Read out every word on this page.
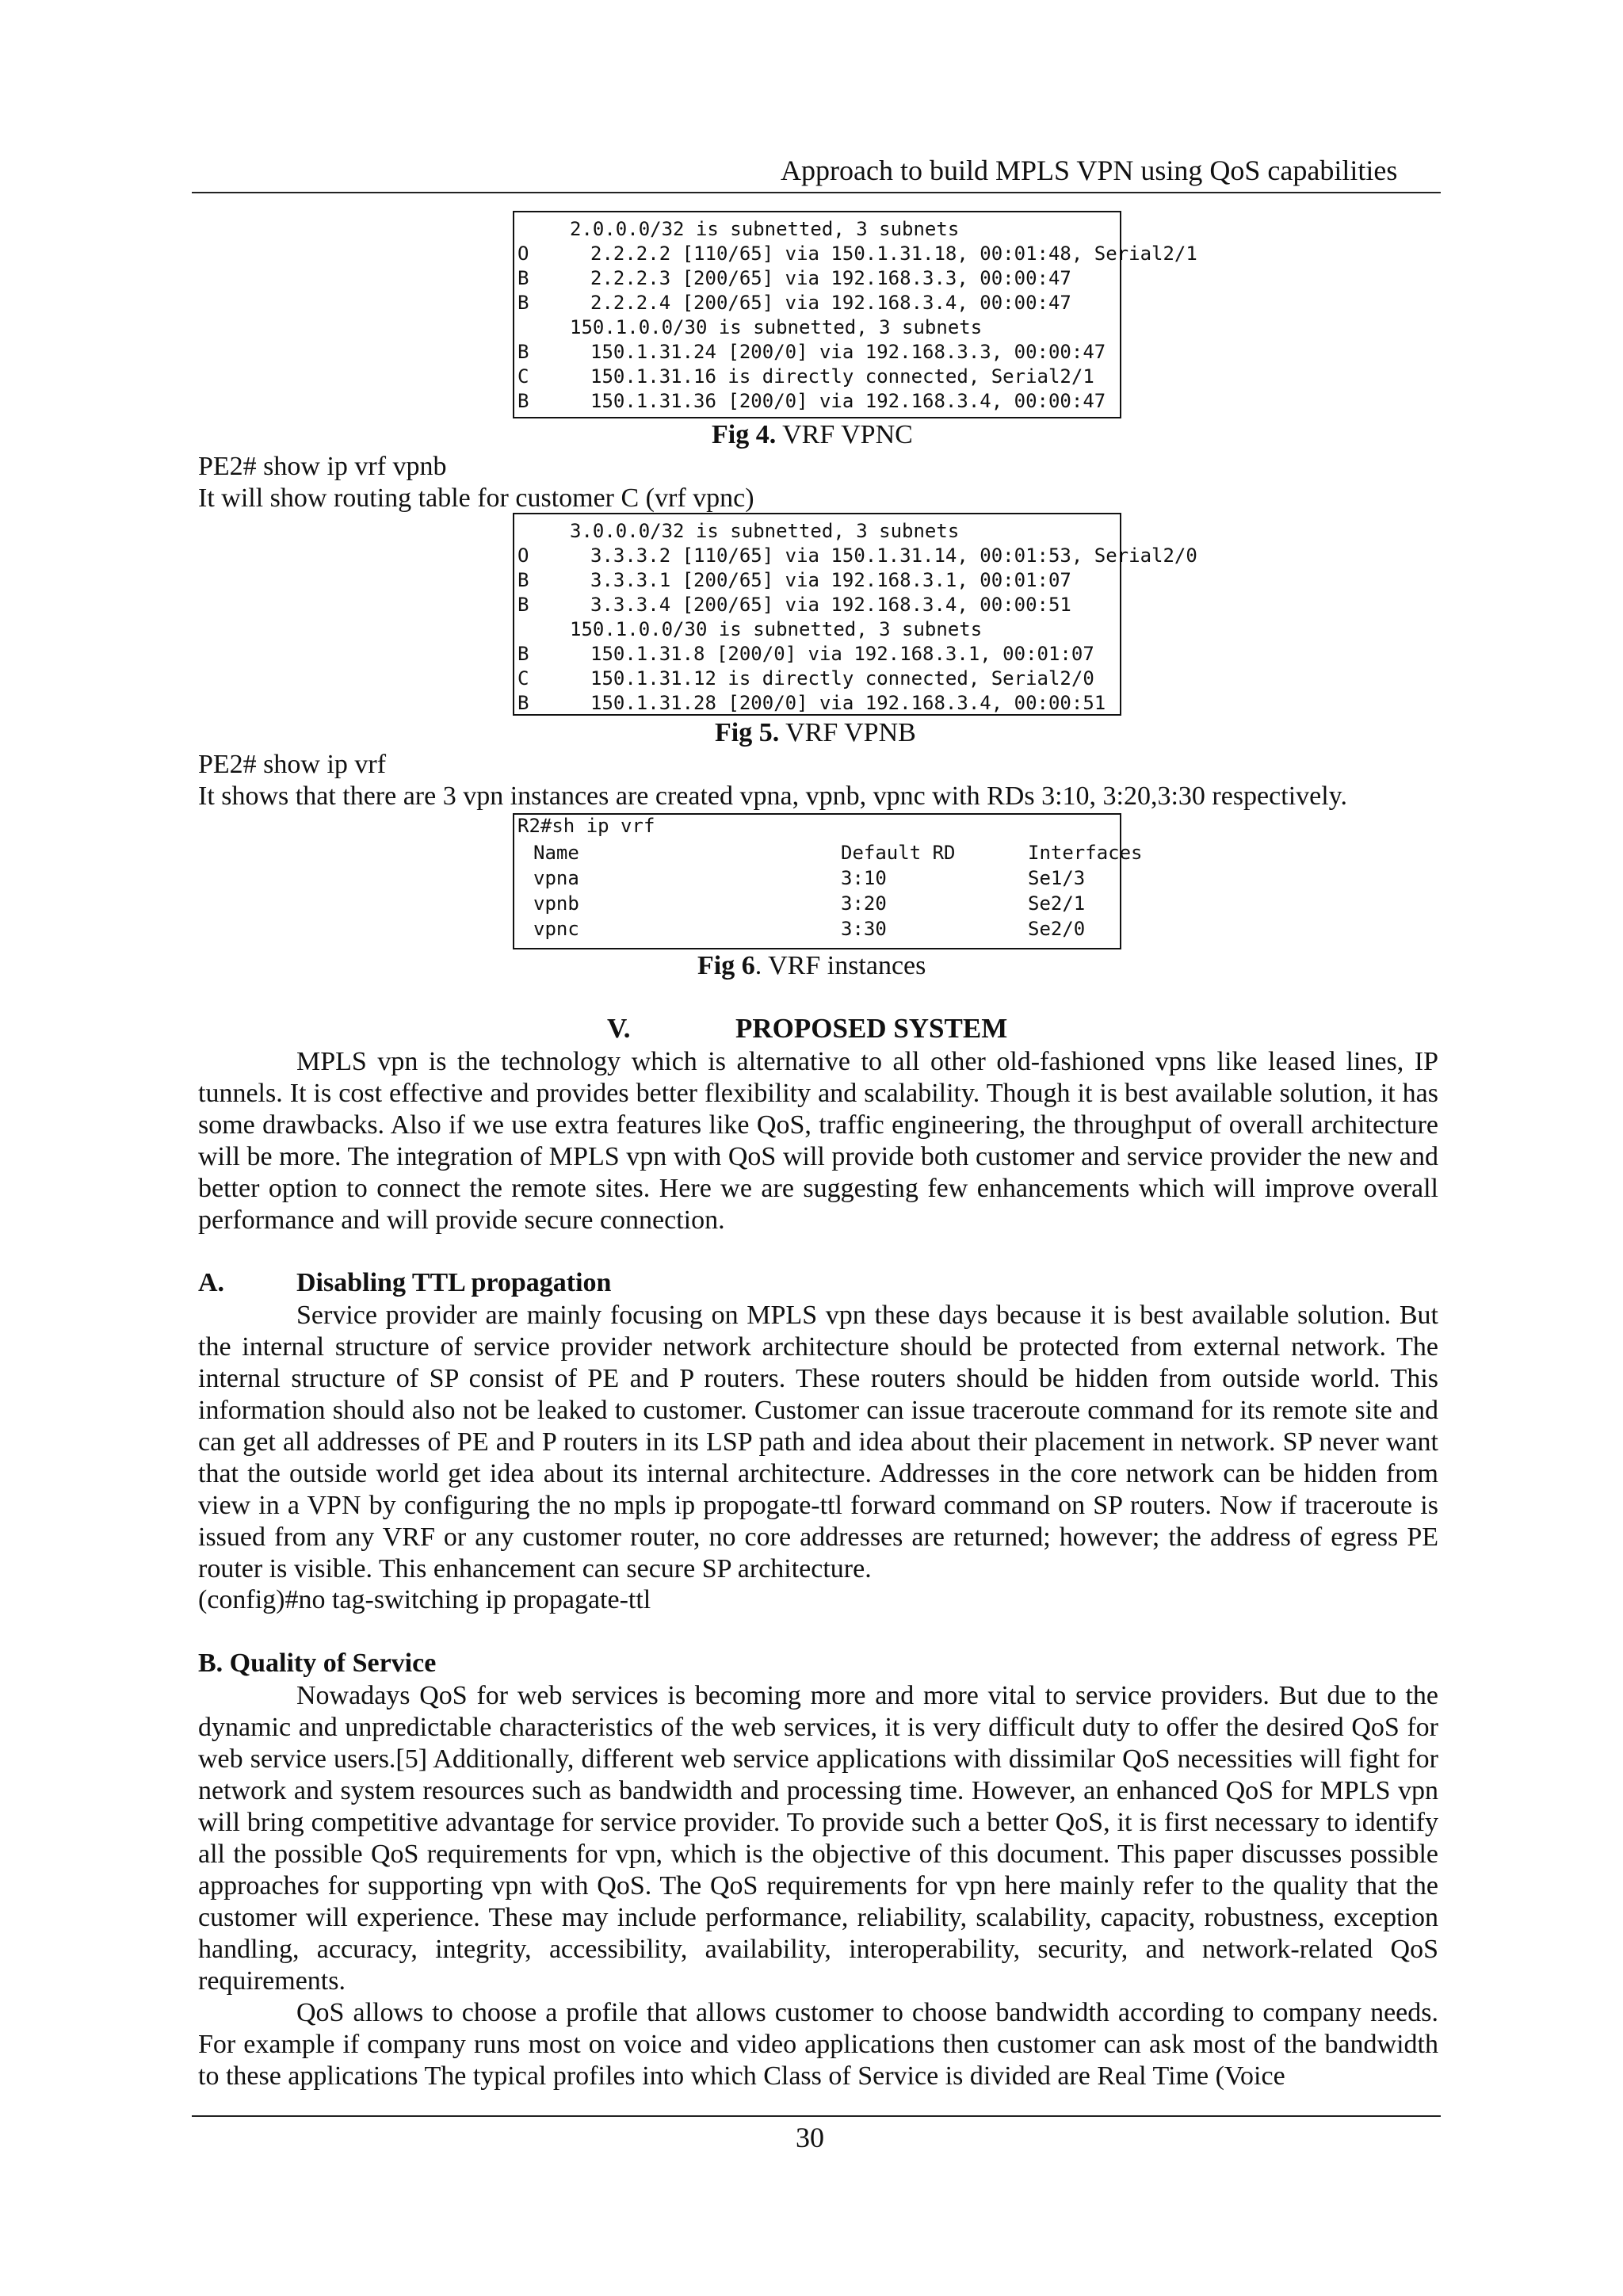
Approach to build MPLS VPN using QoS capabilities
2.0.0.0/32 is subnetted, 3 subnets
O	2.2.2.2 [110/65] via 150.1.31.18, 00:01:48, Serial2/1
B	2.2.2.3 [200/65] via 192.168.3.3, 00:00:47
B	2.2.2.4 [200/65] via 192.168.3.4, 00:00:47
150.1.0.0/30 is subnetted, 3 subnets
B	150.1.31.24 [200/0] via 192.168.3.3, 00:00:47
C	150.1.31.16 is directly connected, Serial2/1
B	150.1.31.36 [200/0] via 192.168.3.4, 00:00:47
Fig 4. VRF VPNC
PE2# show ip vrf vpnb
It will show routing table for customer C (vrf vpnc)
3.0.0.0/32 is subnetted, 3 subnets
O	3.3.3.2 [110/65] via 150.1.31.14, 00:01:53, Serial2/0
B	3.3.3.1 [200/65] via 192.168.3.1, 00:01:07
B	3.3.3.4 [200/65] via 192.168.3.4, 00:00:51
150.1.0.0/30 is subnetted, 3 subnets
B	150.1.31.8 [200/0] via 192.168.3.1, 00:01:07
C	150.1.31.12 is directly connected, Serial2/0
B	150.1.31.28 [200/0] via 192.168.3.4, 00:00:51
Fig 5. VRF VPNB
PE2# show ip vrf
It shows that there are 3 vpn instances are created vpna, vpnb, vpnc with RDs 3:10, 3:20,3:30 respectively.
R2#sh ip vrf
Name	Default RD	Interfaces
vpna	3:10	Se1/3
vpnb	3:20	Se2/1
vpnc	3:30	Se2/0
Fig 6. VRF instances
V.	PROPOSED SYSTEM

MPLS vpn is the technology which is alternative to all other old-fashioned vpns like leased lines, IP tunnels. It is cost effective and provides better flexibility and scalability. Though it is best available solution, it has some drawbacks. Also if we use extra features like QoS, traffic engineering, the throughput of overall architecture will be more. The integration of MPLS vpn with QoS will provide both customer and service provider the new and better option to connect the remote sites. Here we are suggesting few enhancements which will improve overall performance and will provide secure connection.

A.	Disabling TTL propagation

Service provider are mainly focusing on MPLS vpn these days because it is best available solution. But the internal structure of service provider network architecture should be protected from external network. The internal structure of SP consist of PE and P routers. These routers should be hidden from outside world. This information should also not be leaked to customer. Customer can issue traceroute command for its remote site and can get all addresses of PE and P routers in its LSP path and idea about their placement in network. SP never want that the outside world get idea about its internal architecture. Addresses in the core network can be hidden from view in a VPN by configuring the no mpls ip propogate-ttl forward command on SP routers. Now if traceroute is issued from any VRF or any customer router, no core addresses are returned; however; the address of egress PE router is visible. This enhancement can secure SP architecture.

(config)#no tag-switching ip propagate-ttl
B. Quality of Service

Nowadays QoS for web services is becoming more and more vital to service providers. But due to the dynamic and unpredictable characteristics of the web services, it is very difficult duty to offer the desired QoS for web service users.[5] Additionally, different web service applications with dissimilar QoS necessities will fight for network and system resources such as bandwidth and processing time. However, an enhanced QoS for MPLS vpn will bring competitive advantage for service provider. To provide such a better QoS, it is first necessary to identify all the possible QoS requirements for vpn, which is the objective of this document. This paper discusses possible approaches for supporting vpn with QoS. The QoS requirements for vpn here mainly refer to the quality that the customer will experience. These may include performance, reliability, scalability, capacity, robustness, exception handling, accuracy, integrity, accessibility, availability, interoperability, security, and network-related QoS requirements.

QoS allows to choose a profile that allows customer to choose bandwidth according to company needs. For example if company runs most on voice and video applications then customer can ask most of the bandwidth to these applications The typical profiles into which Class of Service is divided are Real Time (Voice

30
